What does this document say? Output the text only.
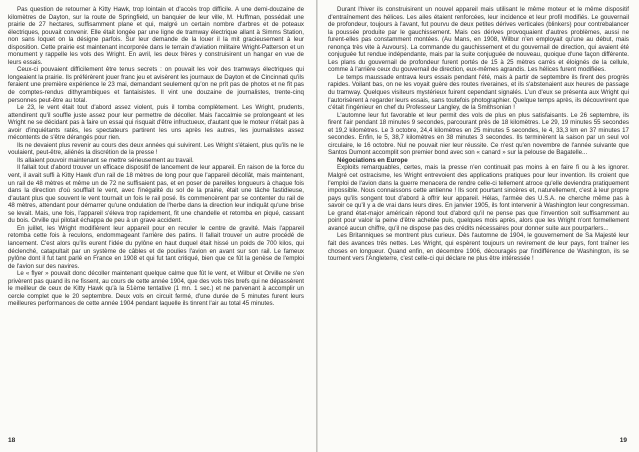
Pas question de retourner à Kitty Hawk, trop lointain et d'accès trop difficile. A une demi-douzaine de kilomètres de Dayton, sur la route de Springfield, un banquier de leur ville, M. Huffman, possédait une prairie de 27 hectares, suffisamment plane et qui, malgré un certain nombre d'arbres et de poteaux électriques, pouvait convenir. Elle était longée par une ligne de tramway électrique allant à Simms Station, non sans loquet on la désigne parfois. Sur leur demande de la louer il la mit gracieusement à leur disposition. Cette prairie est maintenant incorporée dans le terrain d'aviation militaire Wright-Patterson et un monument y rappelle les vols des Wright. En avril, les deux frères y construisirent un hangar en vue de leurs essais.

Ceux-ci pouvaient difficilement être tenus secrets : on pouvait les voir des tramways électriques qui longeaient la prairie. Ils préférèrent jouer franc jeu et avisèrent les journaux de Dayton et de Cincinnati qu'ils feraient une première expérience le 23 mai, demandant seulement qu'on ne prît pas de photos et ne fît pas de comptes-rendus dithyrambiques et fantaisistes. Il vint une douzaine de journalistes, trente-cinq personnes peut-être au total.

Le 23, le vent était tout d'abord assez violent, puis il tomba complètement. Les Wright, prudents, attendirent qu'il souffle juste assez pour leur permettre de décoller. Mais l'accalmie se prolongeant et les Wright ne se décidant pas à faire un essai qui risquait d'être infructueux, d'autant que le moteur n'était pas à avoir d'inquiétants ratés, les spectateurs partirent les uns après les autres, les journalistes assez mécontents de s'être dérangés pour rien.

Ils ne devaient plus revenir au cours des deux années qui suivirent. Les Wright s'étaient, plus qu'ils ne le voulaient, peut-être, aliénés la discrétion de la presse !

Ils allaient pouvoir maintenant se mettre sérieusement au travail.

Il fallait tout d'abord trouver un efficace dispositif de lancement de leur appareil. En raison de la force du vent, il avait suffi à Kitty Hawk d'un rail de 18 mètres de long pour que l'appareil décollât, mais maintenant, un rail de 48 mètres et même un de 72 ne suffisaient pas, et en poser de pareilles longueurs à chaque fois dans la direction d'où soufflait le vent, avec l'inégalité du sol de la prairie, était une tâche fastidieuse, d'autant plus que souvent le vent tournait un fois le rail posé. Ils commencèrent par se contenter du rail de 48 mètres, attendant pour démarrer qu'une ondulation de l'herbe dans la direction leur indiquât qu'une brise se levait. Mais, une fois, l'appareil s'éleva trop rapidement, fit une chandelle et retomba en piqué, cassant du bois. Orville qui pilotait échappa de peu à un grave accident.

En juillet, les Wright modifièrent leur appareil pour en reculer le centre de gravité. Mais l'appareil retomba cette fois à reculons, endommageant l'arrière des patins. Il fallait trouver un autre procédé de lancement. C'est alors qu'ils eurent l'idée du pylône en haut duquel était hissé un poids de 700 kilos, qui déclenché, catapultait par un système de câbles et de poulies l'avion en avant sur son rail. Le fameux pylône dont il fut tant parlé en France en 1908 et qui fut tant critiqué, bien que ce fût la genèse de l'emploi de l'avion sur des navires.

Le « flyer » pouvait donc décoller maintenant quelque calme que fût le vent, et Wilbur et Orville ne s'en privèrent pas quand ils ne fissent, au cours de cette année 1904, que des vols très brefs qui ne dépassèrent le meilleur de ceux de Kitty Hawk qu'à la 51ème tentative (1 mn. 1 sec.) et ne parvenant à accomplir un cercle complet que le 20 septembre. Deux vols en circuit fermé, d'une durée de 5 minutes furent leurs meilleures performances de cette année 1904 pendant laquelle ils tinrent l'air au total 45 minutes.

18

Durant l'hiver ils construisirent un nouvel appareil mais utilisant le même moteur et le même dispositif d'entraînement des hélices. Les ailes étaient renforcées, leur incidence et leur profil modifiés. Le gouvernail de profondeur, toujours à l'avant, fut pourvu de deux petites dérives verticales (blinkers) pour contrebalancer la poussée produite par le gauchissement. Mais ces dérives provoquaient d'autres problèmes, aussi ne furent-elles pas constamment montées. (Au Mans, en 1908, Wilbur n'en employait qu'une au début, mais renonça très vite à Auvours). La commande du gauchissement et du gouvernail de direction, qui avaient été conjuguée fut rendue indépendante, mais par la suite conjuguée de nouveau, quoique d'une façon différente. Les plans du gouvernail de profondeur furent portés de 15 à 25 mètres carrés et éloignés de la cellule, comme à l'arrière ceux du gouvernail de direction, eux-mêmes agrandis. Les hélices furent modifiées.

Le temps maussade entrava leurs essais pendant l'été, mais à partir de septembre ils firent des progrès rapides. Voilant bas, on ne les voyait guère des routes riveraines, et ils s'abstenaient aux heures de passage du tramway. Quelques visiteurs mystérieux fuirent cependant signalés. L'un d'eux se présenta aux Wright qui l'autorisèrent à regarder leurs essais, sans toutefois photographier. Quelque temps après, ils découvrirent que c'était l'ingénieur en chef du Professeur Langley, de la Smithsonian !

L'automne leur fut favorable et leur permit des vols de plus en plus satisfaisants. Le 26 septembre, ils firent l'air pendant 18 minutes 9 secondes, parcourant près de 18 kilomètres. Le 29, 19 minutes 55 secondes et 19,2 kilomètres. Le 3 octobre, 24,4 kilomètres en 25 minutes 5 secondes, le 4, 33,3 km en 37 minutes 17 secondes. Enfin, le 5, 38,7 kilomètres en 38 minutes 3 secondes. Ils terminèrent la saison par un seul vol circulaire, le 16 octobre. Nul ne pouvait nier leur réussite. Ce n'est qu'en novembre de l'année suivante que Santos Dumont accomplit son premier bond avec son « canard » sur la pelouse de Bagatelle...

Négociations en Europe

Exploits remarquables, certes, mais la presse n'en continuait pas moins à en faire fi ou à les ignorer. Malgré cet ostracisme, les Wright entrevoient des applications pratiques pour leur invention. Ils croient que l'emploi de l'avion dans la guerre menacera de rendre celle-ci tellement atroce qu'elle deviendra pratiquement impossible. Nous connaissons cette antienne ! Ils sont pourtant sincères et, naturellement, c'est à leur propre pays qu'ils songent tout d'abord à offrir leur appareil. Hélas, l'armée des U.S.A. ne cherche même pas à savoir ce qu'il y a de vrai dans leurs dires. En janvier 1905, ils font intervenir à Washington leur congressman. Le grand état-major américain répond tout d'abord qu'il ne pense pas que l'invention soit suffisamment au point pour valoir la peine d'être achetée puis, quelques mois après, alors que les Wright n'ont formellement avancé aucun chiffre, qu'il ne dispose pas des crédits nécessaires pour donner suite aux pourparlers...

Les Britanniques se montrent plus curieux. Dès l'automne de 1904, le gouvernement de Sa Majesté leur fait des avances très nettes. Les Wright, qui espèrent toujours un revirement de leur pays, font traîner les choses en longueur. Quand enfin, en décembre 1906, découragés par l'indifférence de Washington, ils se tournent vers l'Angleterre, c'est celle-ci qui déclare ne plus être intéressée !

19
